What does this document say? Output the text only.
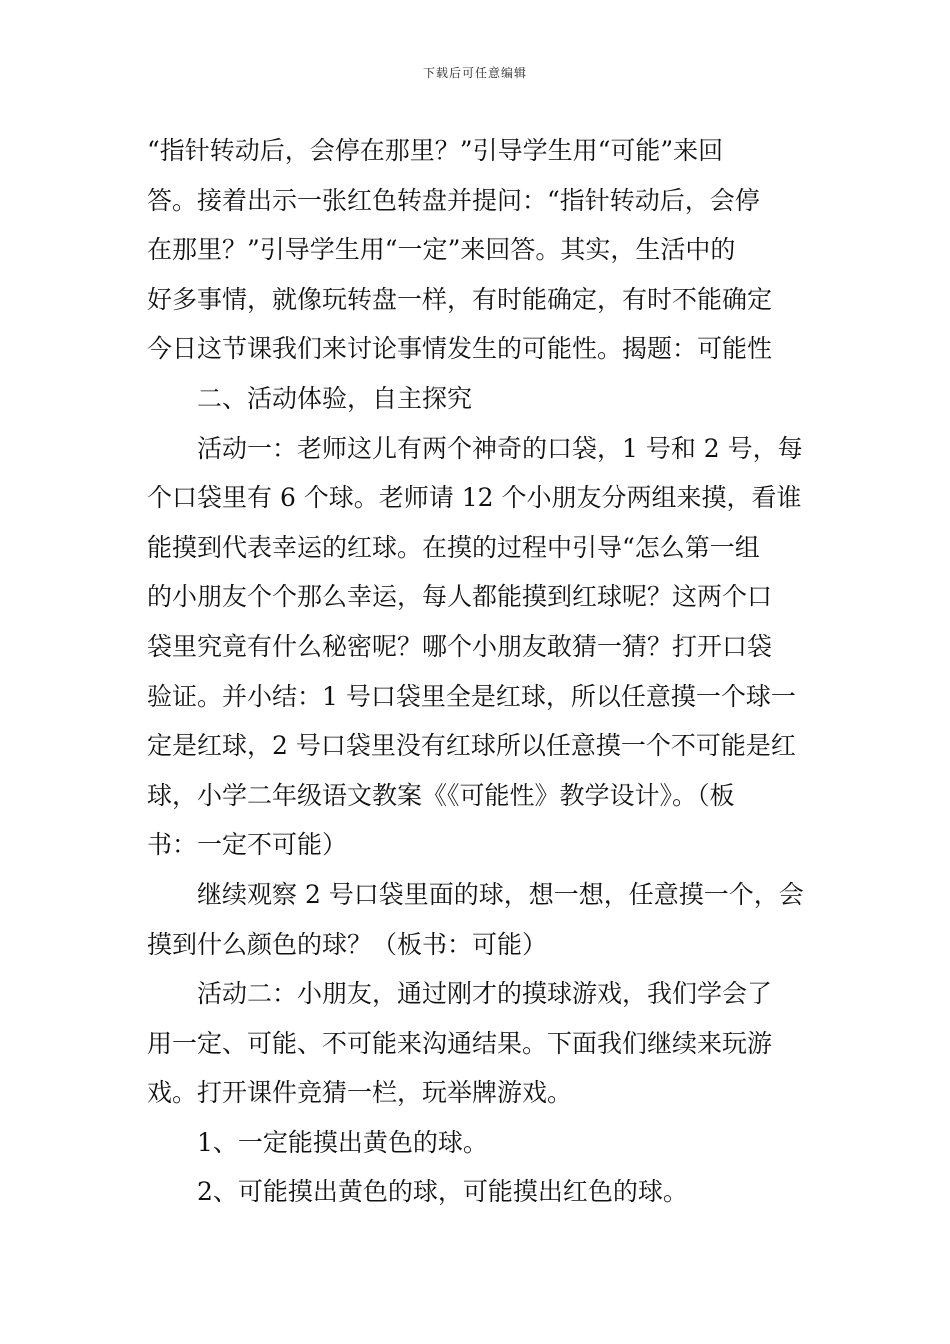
下载后可任意编辑
“指针转动后，会停在那里？”引导学生用“可能”来回
答。接着出示一张红色转盘并提问：“指针转动后，会停
在那里？”引导学生用“一定”来回答。其实，生活中的
好多事情，就像玩转盘一样，有时能确定，有时不能确定
今日这节课我们来讨论事情发生的可能性。揭题：可能性
二、活动体验，自主探究
活动一：老师这儿有两个神奇的口袋，1 号和 2 号，每
个口袋里有 6 个球。老师请 12 个小朋友分两组来摸，看谁
能摸到代表幸运的红球。在摸的过程中引导“怎么第一组
的小朋友个个那么幸运，每人都能摸到红球呢？这两个口
袋里究竟有什么秘密呢？哪个小朋友敢猜一猜？打开口袋
验证。并小结：1 号口袋里全是红球，所以任意摸一个球一
定是红球，2 号口袋里没有红球所以任意摸一个不可能是红
球，小学二年级语文教案《《可能性》教学设计》。（板
书：一定不可能）
继续观察 2 号口袋里面的球，想一想，任意摸一个，会
摸到什么颜色的球？（板书：可能）
活动二：小朋友，通过刚才的摸球游戏，我们学会了
用一定、可能、不可能来沟通结果。下面我们继续来玩游
戏。打开课件竞猜一栏，玩举牌游戏。
1、一定能摸出黄色的球。
2、可能摸出黄色的球，可能摸出红色的球。
